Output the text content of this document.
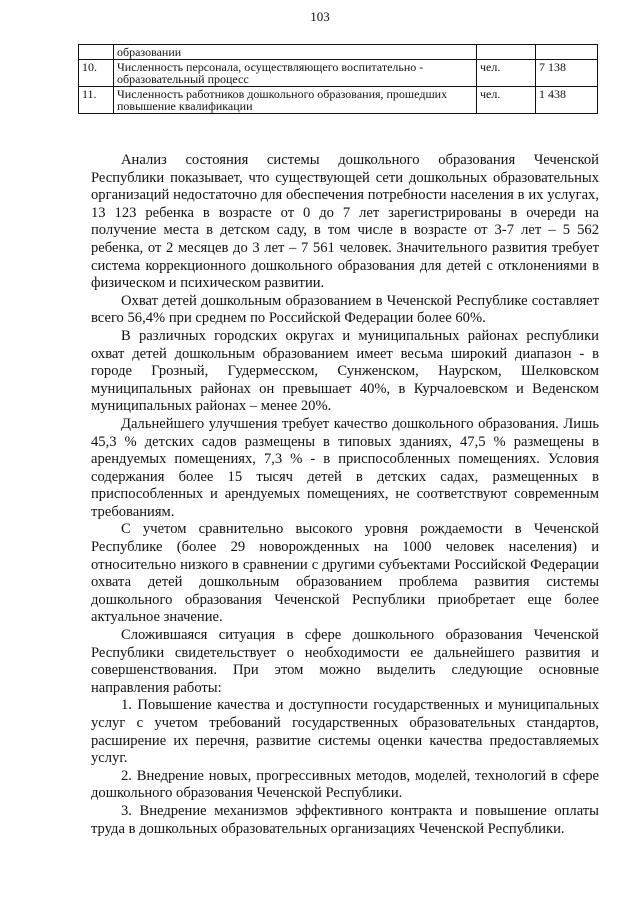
103
	образовании		
10.	Численность персонала, осуществляющего воспитательно - образовательный процесс	чел.	7 138
11.	Численность работников дошкольного образования, прошедших повышение квалификации	чел.	1 438

Анализ состояния системы дошкольного образования Чеченской Республики показывает, что существующей сети дошкольных образовательных организаций недостаточно для обеспечения потребности населения в их услугах, 13 123 ребенка в возрасте от 0 до 7 лет зарегистрированы в очереди на получение места в детском саду, в том числе в возрасте от 3-7 лет – 5 562 ребенка, от 2 месяцев до 3 лет – 7 561 человек. Значительного развития требует система коррекционного дошкольного образования для детей с отклонениями в физическом и психическом развитии.

Охват детей дошкольным образованием в Чеченской Республике составляет всего 56,4% при среднем по Российской Федерации более 60%.

В различных городских округах и муниципальных районах республики охват детей дошкольным образованием имеет весьма широкий диапазон - в городе Грозный, Гудермесском, Сунженском, Наурском, Шелковском муниципальных районах он превышает 40%, в Курчалоевском и Веденском муниципальных районах – менее 20%.

Дальнейшего улучшения требует качество дошкольного образования. Лишь 45,3 % детских садов размещены в типовых зданиях, 47,5 % размещены в арендуемых помещениях, 7,3 % - в приспособленных помещениях. Условия содержания более 15 тысяч детей в детских садах, размещенных в приспособленных и арендуемых помещениях, не соответствуют современным требованиям.

С учетом сравнительно высокого уровня рождаемости в Чеченской Республике (более 29 новорожденных на 1000 человек населения) и относительно низкого в сравнении с другими субъектами Российской Федерации охвата детей дошкольным образованием проблема развития системы дошкольного образования Чеченской Республики приобретает еще более актуальное значение.

Сложившаяся ситуация в сфере дошкольного образования Чеченской Республики свидетельствует о необходимости ее дальнейшего развития и совершенствования. При этом можно выделить следующие основные направления работы:

1. Повышение качества и доступности государственных и муниципальных услуг с учетом требований государственных образовательных стандартов, расширение их перечня, развитие системы оценки качества предоставляемых услуг.

2. Внедрение новых, прогрессивных методов, моделей, технологий в сфере дошкольного образования Чеченской Республики.

3. Внедрение механизмов эффективного контракта и повышение оплаты труда в дошкольных образовательных организациях Чеченской Республики.
